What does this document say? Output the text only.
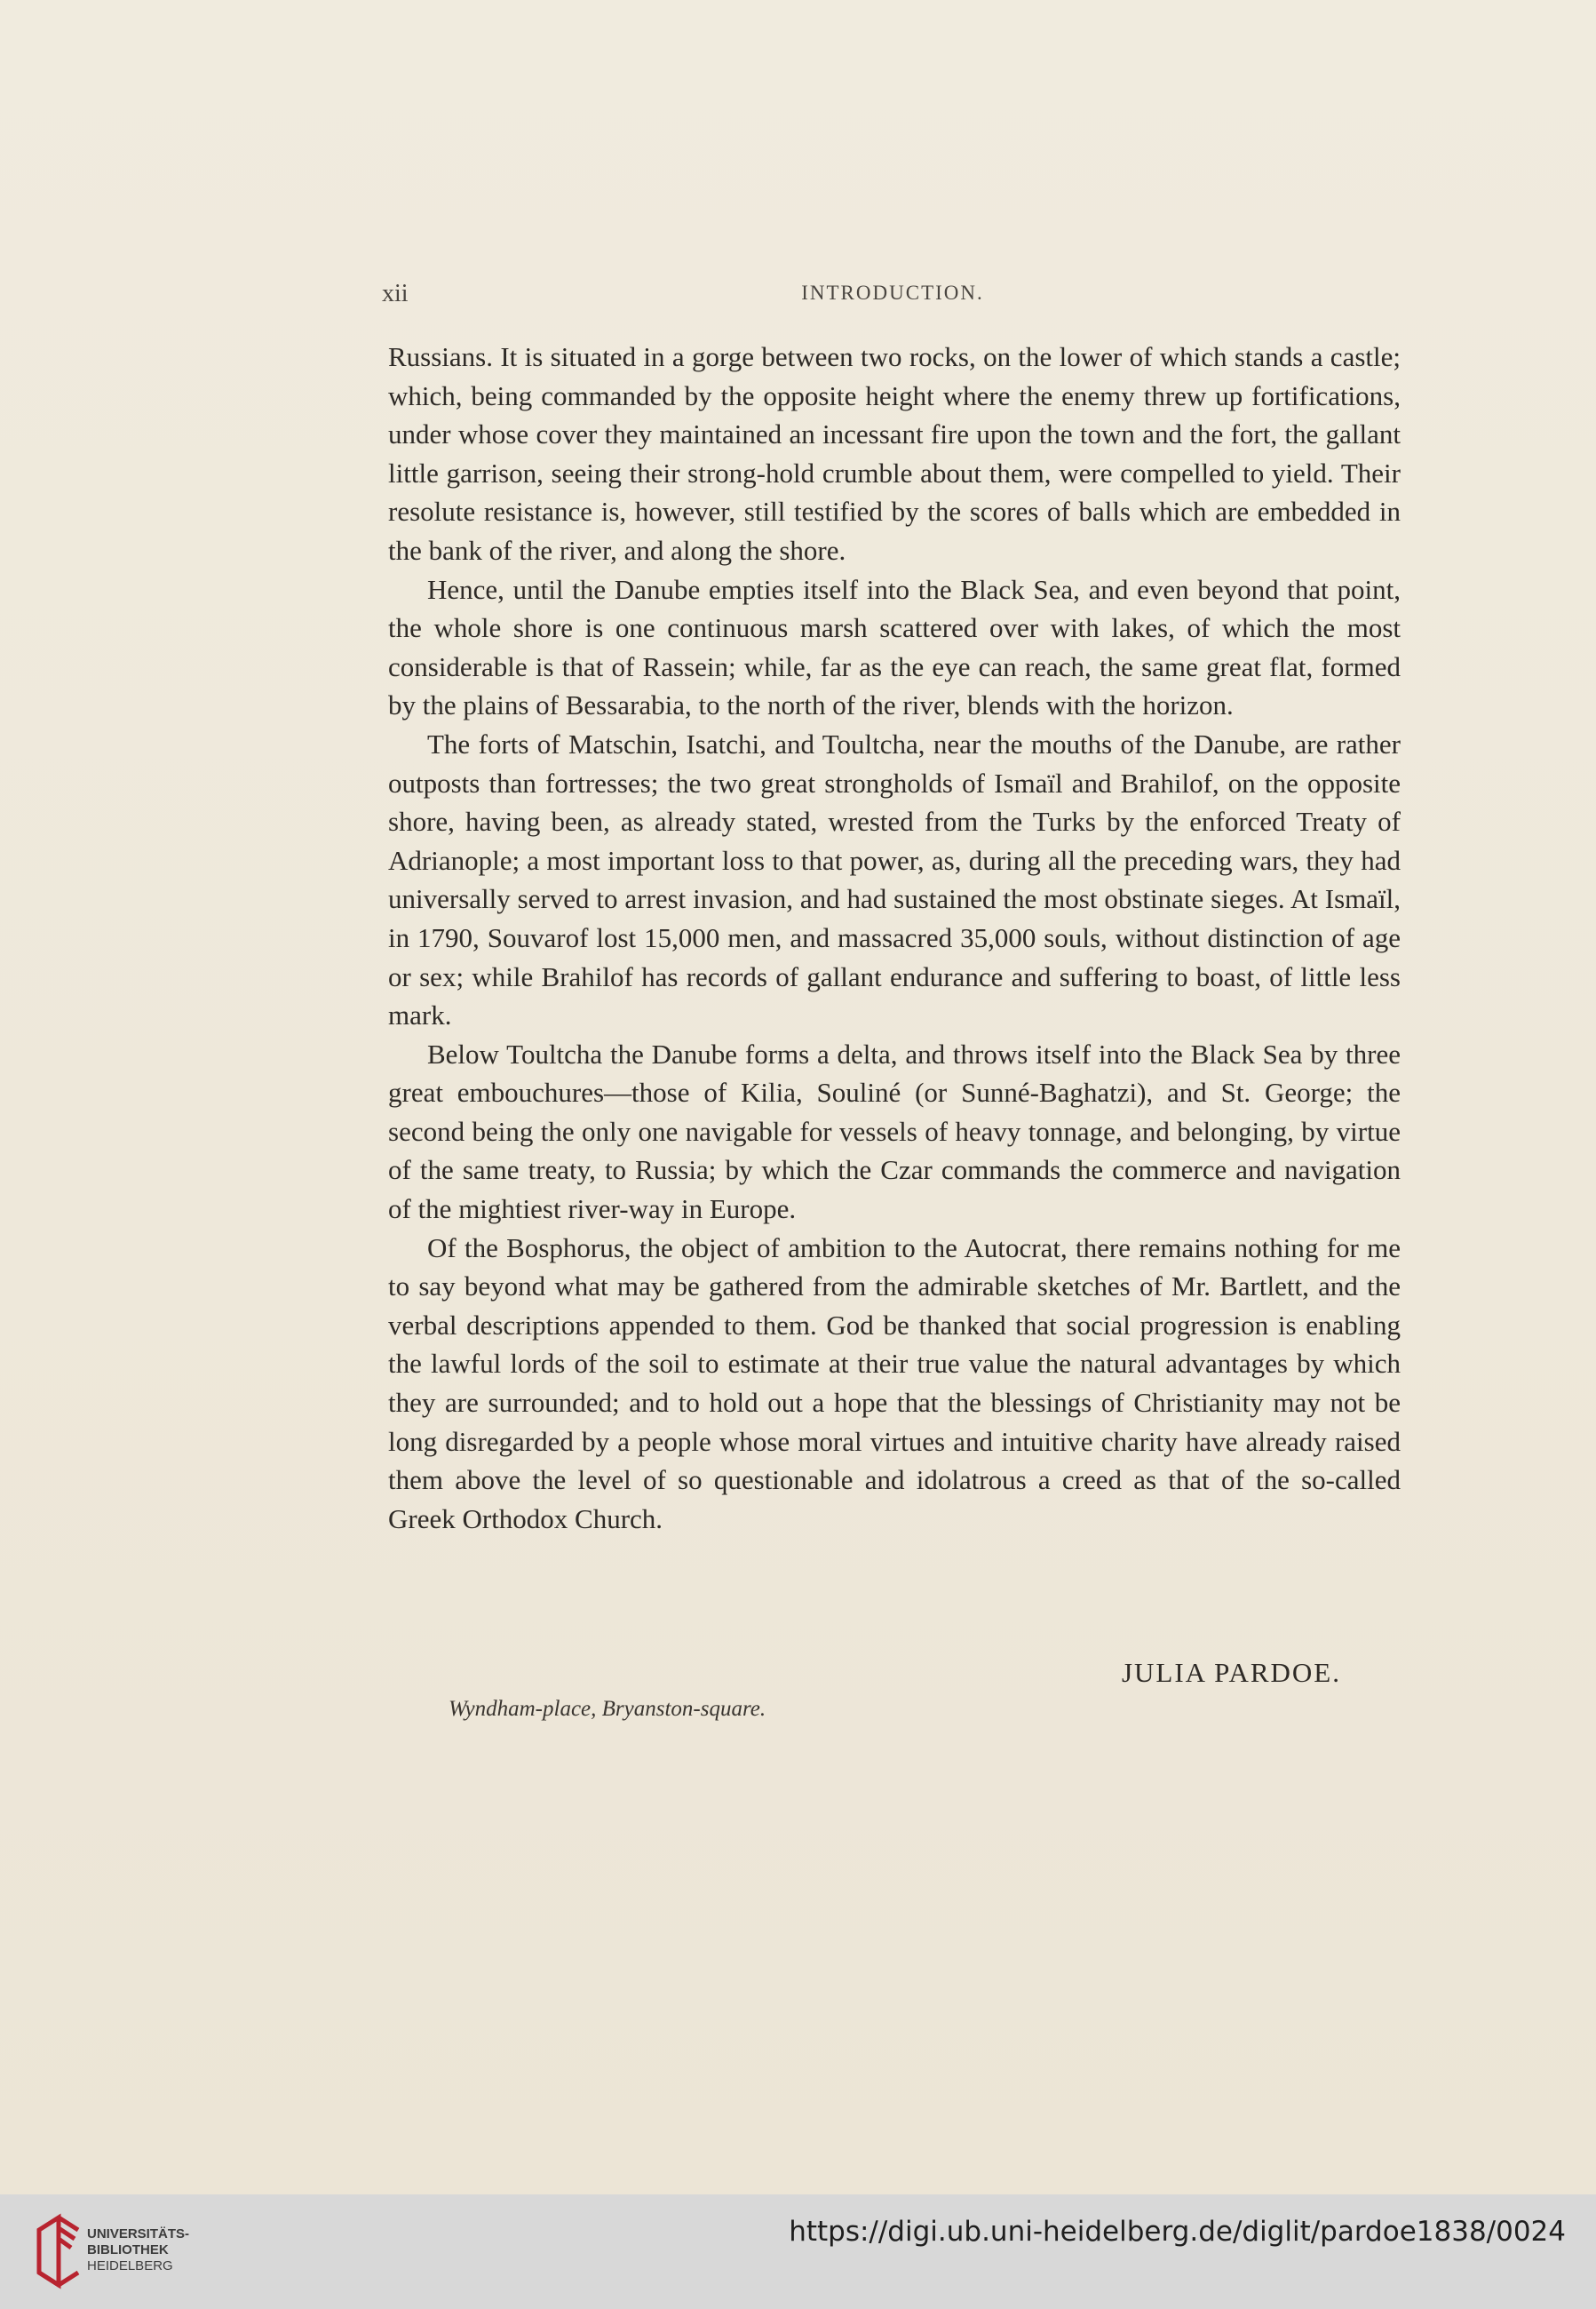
xii	INTRODUCTION.

Russians. It is situated in a gorge between two rocks, on the lower of which stands a castle; which, being commanded by the opposite height where the enemy threw up fortifications, under whose cover they maintained an incessant fire upon the town and the fort, the gallant little garrison, seeing their strong-hold crumble about them, were compelled to yield. Their resolute resistance is, however, still testified by the scores of balls which are embedded in the bank of the river, and along the shore.

Hence, until the Danube empties itself into the Black Sea, and even beyond that point, the whole shore is one continuous marsh scattered over with lakes, of which the most considerable is that of Rassein; while, far as the eye can reach, the same great flat, formed by the plains of Bessarabia, to the north of the river, blends with the horizon.

The forts of Matschin, Isatchi, and Toultcha, near the mouths of the Danube, are rather outposts than fortresses; the two great strongholds of Ismaïl and Brahilof, on the opposite shore, having been, as already stated, wrested from the Turks by the enforced Treaty of Adrianople; a most important loss to that power, as, during all the preceding wars, they had universally served to arrest invasion, and had sustained the most obstinate sieges. At Ismaïl, in 1790, Souvarof lost 15,000 men, and massacred 35,000 souls, without distinction of age or sex; while Brahilof has records of gallant endurance and suffering to boast, of little less mark.

Below Toultcha the Danube forms a delta, and throws itself into the Black Sea by three great embouchures—those of Kilia, Souliné (or Sunné-Baghatzi), and St. George; the second being the only one navigable for vessels of heavy tonnage, and belonging, by virtue of the same treaty, to Russia; by which the Czar commands the commerce and navigation of the mightiest river-way in Europe.

Of the Bosphorus, the object of ambition to the Autocrat, there remains nothing for me to say beyond what may be gathered from the admirable sketches of Mr. Bartlett, and the verbal descriptions appended to them. God be thanked that social progression is enabling the lawful lords of the soil to estimate at their true value the natural advantages by which they are surrounded; and to hold out a hope that the blessings of Christianity may not be long disregarded by a people whose moral virtues and intuitive charity have already raised them above the level of so questionable and idolatrous a creed as that of the so-called Greek Orthodox Church.

JULIA PARDOE.
Wyndham-place, Bryanston-square.
UNIVERSITÄTS-
BIBLIOTHEK
HEIDELBERG
https://digi.ub.uni-heidelberg.de/diglit/pardoe1838/0024
